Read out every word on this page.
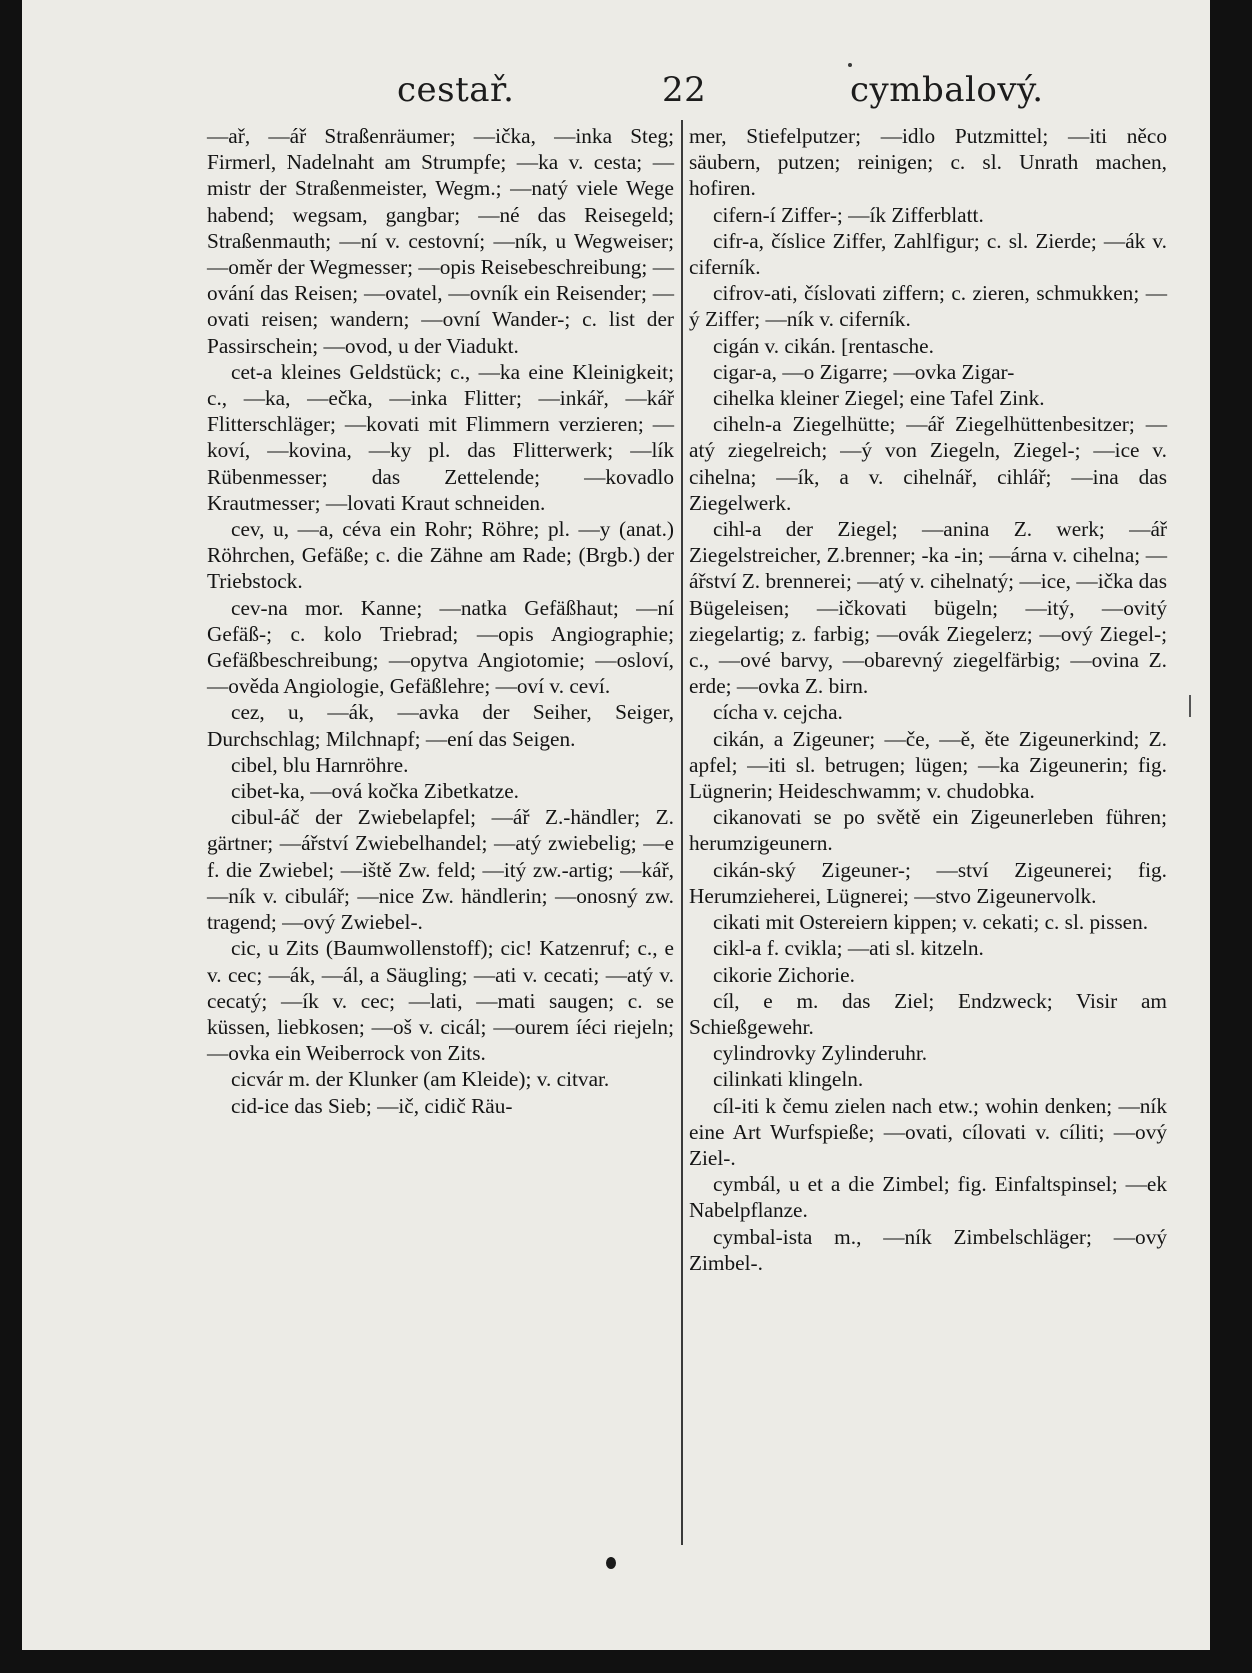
cestař.	22	cymbalový.

—ař, —ář Straßenräumer; —ička, —inka Steg; Firmerl, Nadelnaht am Strumpfe; —ka v. cesta; —mistr der Straßenmeister, Wegm.; —natý viele Wege habend; wegsam, gangbar; —né das Reisegeld; Straßenmauth; —ní v. cestovní; —ník, u Wegweiser; —oměr der Wegmesser; —opis Reisebeschreibung; —ování das Reisen; —ovatel, —ovník ein Reisender; —ovati reisen; wandern; —ovní Wander-; c. list der Passirschein; —ovod, u der Viadukt.

cet-a kleines Geldstück; c., —ka eine Kleinigkeit; c., —ka, —ečka, —inka Flitter; —inkář, —kář Flitterschläger; —kovati mit Flimmern verzieren; —koví, —kovina, —ky pl. das Flitterwerk; —lík Rübenmesser; das Zettelende; —kovadlo Krautmesser; —lovati Kraut schneiden.

cev, u, —a, céva ein Rohr; Röhre; pl. —y (anat.) Röhrchen, Gefäße; c. die Zähne am Rade; (Brgb.) der Triebstock.

cev-na mor. Kanne; —natka Gefäßhaut; —ní Gefäß-; c. kolo Triebrad; —opis Angiographie; Gefäßbeschreibung; —opytva Angiotomie; —osloví, —ověda Angiologie, Gefäßlehre; —oví v. ceví.

cez, u, —ák, —avka der Seiher, Seiger, Durchschlag; Milchnapf; —ení das Seigen.

cibel, blu Harnröhre.

cibet-ka, —ová kočka Zibetkatze.

cibul-áč der Zwiebelapfel; —ář Z.-händler; Z. gärtner; —ářství Zwiebelhandel; —atý zwiebelig; —e f. die Zwiebel; —iště Zw. feld; —itý zw.-artig; —kář, —ník v. cibulář; —nice Zw. händlerin; —onosný zw. tragend; —ový Zwiebel-.

cic, u Zits (Baumwollenstoff); cic! Katzenruf; c., e v. cec; —ák, —ál, a Säugling; —ati v. cecati; —atý v. cecatý; —ík v. cec; —lati, —mati saugen; c. se küssen, liebkosen; —oš v. cicál; —ourem íéci riejeln; —ovka ein Weiberrock von Zits.

cicvár m. der Klunker (am Kleide); v. citvar.

cid-ice das Sieb; —ič, cidič Räu-

mer, Stiefelputzer; —idlo Putzmittel; —iti něco säubern, putzen; reinigen; c. sl. Unrath machen, hofiren.

cifern-í Ziffer-; —ík Zifferblatt.

cifr-a, číslice Ziffer, Zahlfigur; c. sl. Zierde; —ák v. ciferník.

cifrov-ati, číslovati ziffern; c. zieren, schmukken; —ý Ziffer; —ník v. ciferník.

cigán v. cikán. [rentasche.

cigar-a, —o Zigarre; —ovka Zigar-

cihelka kleiner Ziegel; eine Tafel Zink.

ciheln-a Ziegelhütte; —ář Ziegelhüttenbesitzer; —atý ziegelreich; —ý von Ziegeln, Ziegel-; —ice v. cihelna; —ík, a v. cihelnář, cihlář; —ina das Ziegelwerk.

cihl-a der Ziegel; —anina Z. werk; —ář Ziegelstreicher, Z.brenner; -ka -in; —árna v. cihelna; —ářství Z. brennerei; —atý v. cihelnatý; —ice, —ička das Bügeleisen; —ičkovati bügeln; —itý, —ovitý ziegelartig; z. farbig; —ovák Ziegelerz; —ový Ziegel-; c., —ové barvy, —obarevný ziegelfärbig; —ovina Z. erde; —ovka Z. birn.

cícha v. cejcha.

cikán, a Zigeuner; —če, —ě, ěte Zigeunerkind; Z. apfel; —iti sl. betrugen; lügen; —ka Zigeunerin; fig. Lügnerin; Heideschwamm; v. chudobka.

cikanovati se po světě ein Zigeunerleben führen; herumzigeunern.

cikán-ský Zigeuner-; —ství Zigeunerei; fig. Herumzieherei, Lügnerei; —stvo Zigeunervolk.

cikati mit Ostereiern kippen; v. cekati; c. sl. pissen.

cikl-a f. cvikla; —ati sl. kitzeln.

cikorie Zichorie.

cíl, e m. das Ziel; Endzweck; Visir am Schießgewehr.

cylindrovky Zylinderuhr.

cilinkati klingeln.

cíl-iti k čemu zielen nach etw.; wohin denken; —ník eine Art Wurfspieße; —ovati, cílovati v. cíliti; —ový Ziel-.

cymbál, u et a die Zimbel; fig. Einfaltspinsel; —ek Nabelpflanze.

cymbal-ista m., —ník Zimbelschläger; —ový Zimbel-.
